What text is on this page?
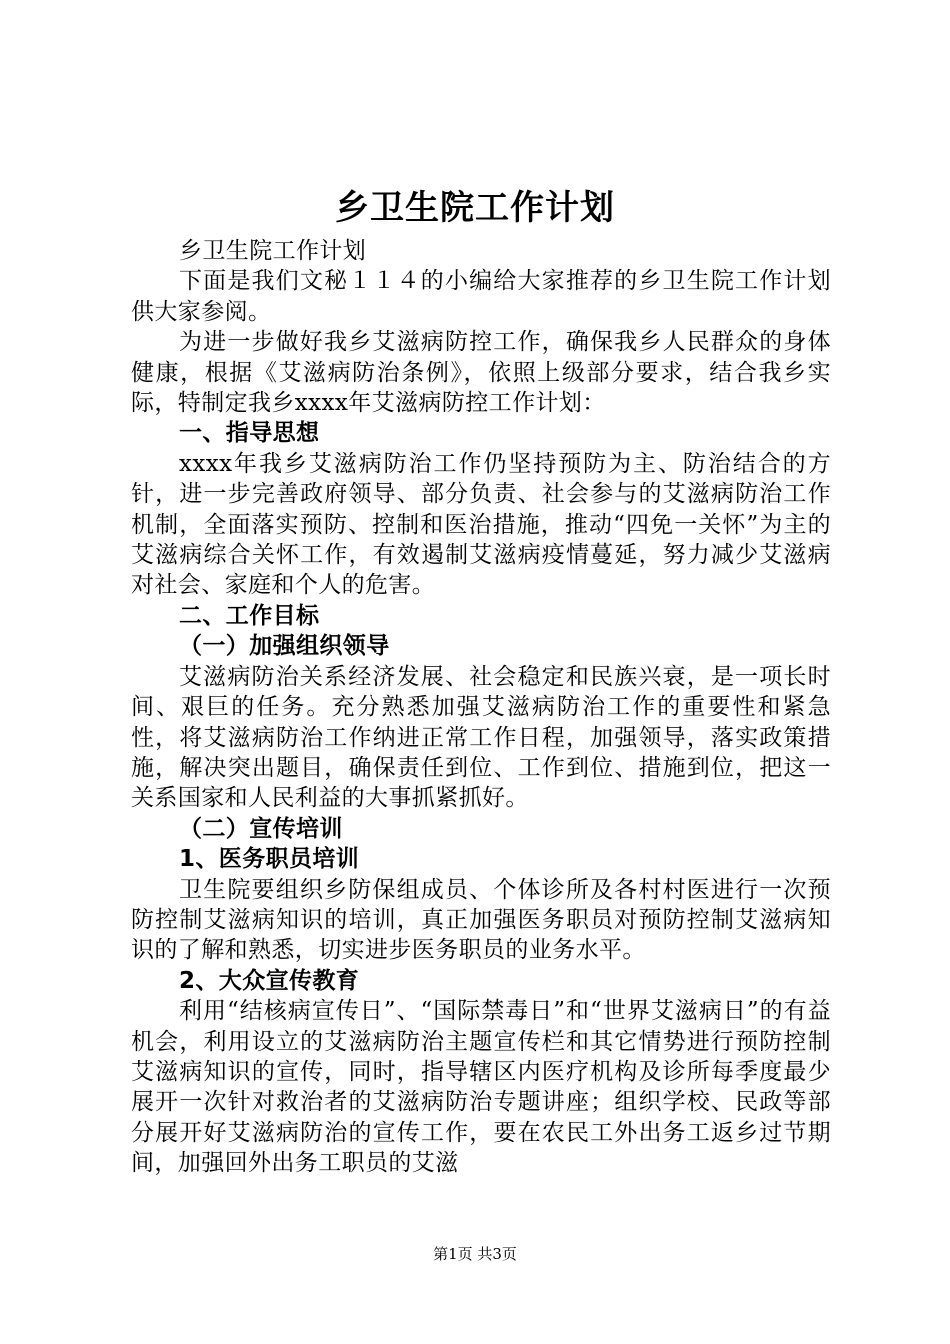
乡卫生院工作计划
乡卫生院工作计划
下面是我们文秘１１４的小编给大家推荐的乡卫生院工作计划供大家参阅。
为进一步做好我乡艾滋病防控工作，确保我乡人民群众的身体健康，根据《艾滋病防治条例》，依照上级部分要求，结合我乡实际，特制定我乡xxxx年艾滋病防控工作计划：
一、指导思想
xxxx年我乡艾滋病防治工作仍坚持预防为主、防治结合的方针，进一步完善政府领导、部分负责、社会参与的艾滋病防治工作机制，全面落实预防、控制和医治措施，推动“四免一关怀”为主的艾滋病综合关怀工作，有效遏制艾滋病疫情蔓延，努力减少艾滋病对社会、家庭和个人的危害。
二、工作目标
（一）加强组织领导
艾滋病防治关系经济发展、社会稳定和民族兴衰，是一项长时间、艰巨的任务。充分熟悉加强艾滋病防治工作的重要性和紧急性，将艾滋病防治工作纳进正常工作日程，加强领导，落实政策措施，解决突出题目，确保责任到位、工作到位、措施到位，把这一关系国家和人民利益的大事抓紧抓好。
（二）宣传培训
1、医务职员培训
卫生院要组织乡防保组成员、个体诊所及各村村医进行一次预防控制艾滋病知识的培训，真正加强医务职员对预防控制艾滋病知识的了解和熟悉，切实进步医务职员的业务水平。
2、大众宣传教育
利用“结核病宣传日”、“国际禁毒日”和“世界艾滋病日”的有益机会，利用设立的艾滋病防治主题宣传栏和其它情势进行预防控制艾滋病知识的宣传，同时，指导辖区内医疗机构及诊所每季度最少展开一次针对救治者的艾滋病防治专题讲座；组织学校、民政等部分展开好艾滋病防治的宣传工作，要在农民工外出务工返乡过节期间，加强回外出务工职员的艾滋
第1页 共3页
